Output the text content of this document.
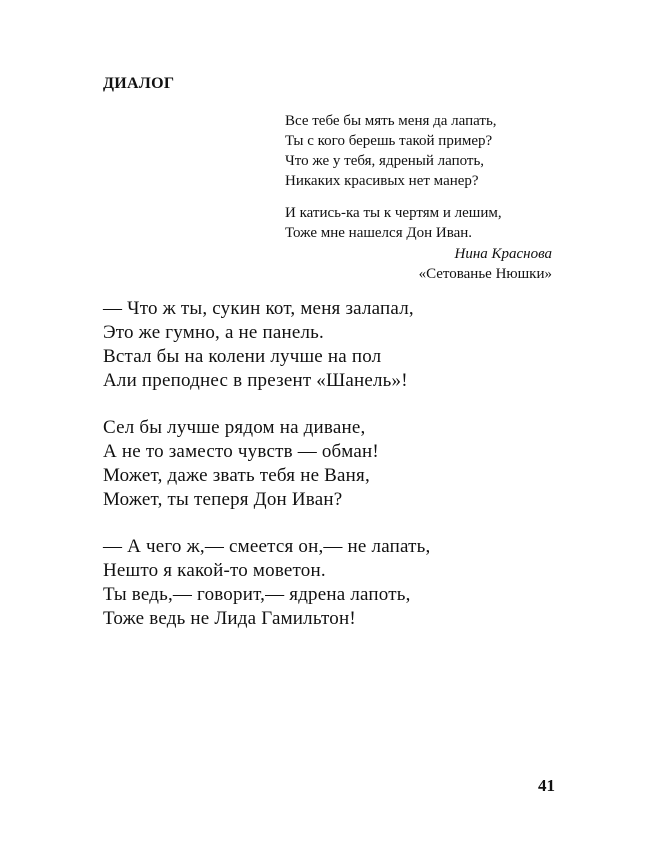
ДИАЛОГ
Все тебе бы мять меня да лапать,
Ты с кого берешь такой пример?
Что же у тебя, ядреный лапоть,
Никаких красивых нет манер?
И катись-ка ты к чертям и лешим,
Тоже мне нашелся Дон Иван.
Нина Краснова
«Сетованье Нюшки»
— Что ж ты, сукин кот, меня залапал,
Это же гумно, а не панель.
Встал бы на колени лучше на пол
Али преподнес в презент «Шанель»!
Сел бы лучше рядом на диване,
А не то заместо чувств — обман!
Может, даже звать тебя не Ваня,
Может, ты теперя Дон Иван?
— А чего ж,— смеется он,— не лапать,
Нешто я какой-то моветон.
Ты ведь,— говорит,— ядрена лапоть,
Тоже ведь не Лида Гамильтон!
41
